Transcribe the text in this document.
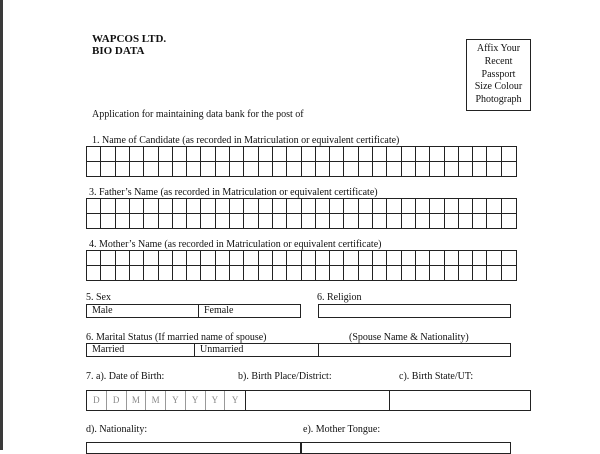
WAPCOS LTD.
BIO DATA	Affix Your
Recent
Passport
Size Colour
Photograph
Application for maintaining data bank for the post of
1. Name of Candidate (as recorded in Matriculation or equivalent certificate)
3. Father’s Name (as recorded in Matriculation or equivalent certificate)
4. Mother’s Name (as recorded in Matriculation or equivalent certificate)
5. Sex	6. Religion
Male	Female
6. Marital Status (If married name of spouse)	(Spouse Name & Nationality)
Married	Unmarried
7. a). Date of Birth:	b). Birth Place/District:	c). Birth State/UT:
D	D	M	M	Y	Y	Y	Y
d). Nationality:	e). Mother Tongue:
